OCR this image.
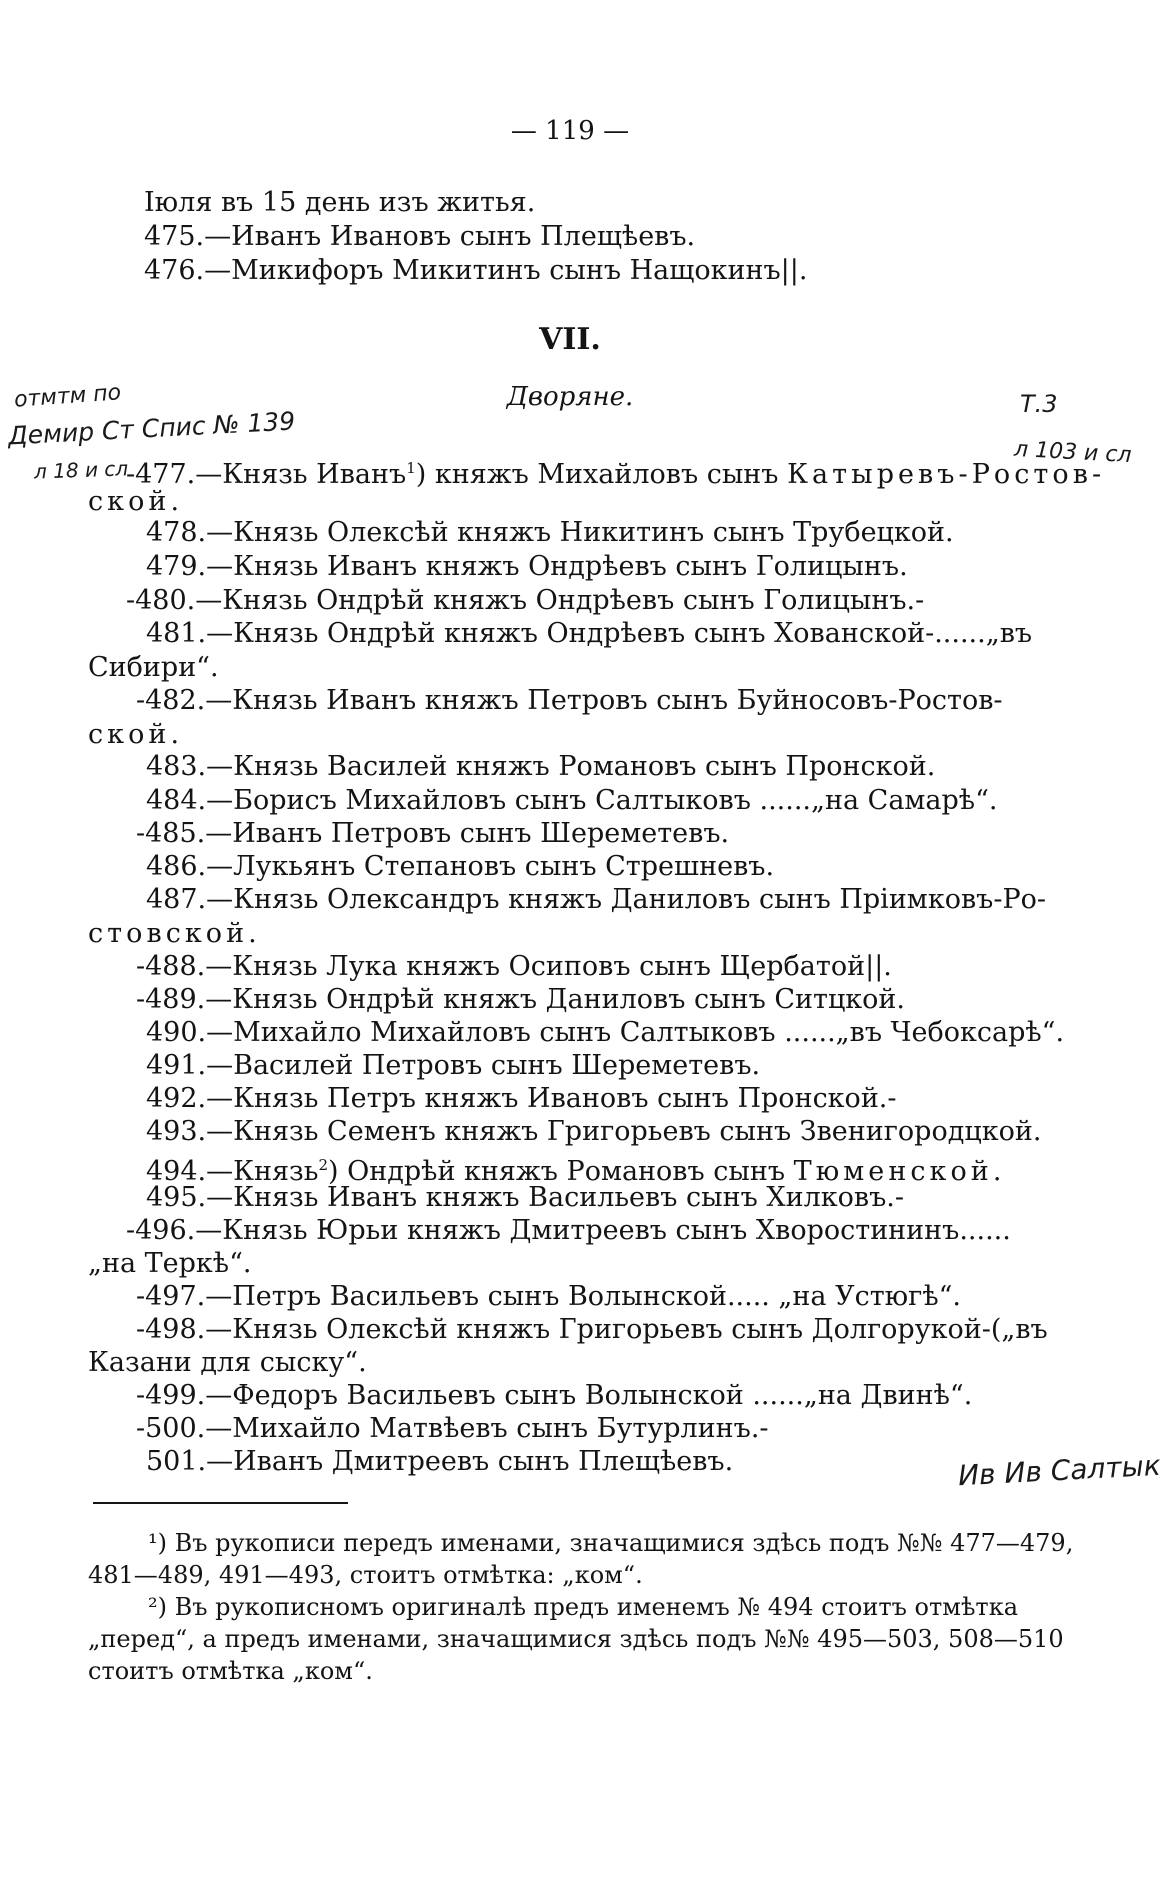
— 119 —
Іюля въ 15 день изъ житья.
475.—Иванъ Ивановъ сынъ Плещѣевъ.
476.—Микифоръ Микитинъ сынъ Нащокинъ||.
VII.
Дворяне.
отмтм по
Демир Ст Спис № 139
л 18 и сл
Т.3
л 103 и сл
Ив Ив Салтык
-477.—Князь Иванъ$^1$) княжъ Михайловъ сынъ Катыревъ-Ростов-
ской.
478.—Князь Олексѣй княжъ Никитинъ сынъ Трубецкой.
479.—Князь Иванъ княжъ Ондрѣевъ сынъ Голицынъ.
-480.—Князь Ондрѣй княжъ Ондрѣевъ сынъ Голицынъ.-
481.—Князь Ондрѣй княжъ Ондрѣевъ сынъ Хованской-......„въ
Сибири“.
-482.—Князь Иванъ княжъ Петровъ сынъ Буйносовъ-Ростов-
ской.
483.—Князь Василей княжъ Романовъ сынъ Пронской.
484.—Борисъ Михайловъ сынъ Салтыковъ ......„на Самарѣ“.
-485.—Иванъ Петровъ сынъ Шереметевъ.
486.—Лукьянъ Степановъ сынъ Стрешневъ.
487.—Князь Олександръ княжъ Даниловъ сынъ Пріимковъ-Ро-
стовской.
-488.—Князь Лука княжъ Осиповъ сынъ Щербатой||.
-489.—Князь Ондрѣй княжъ Даниловъ сынъ Ситцкой.
490.—Михайло Михайловъ сынъ Салтыковъ ......„въ Чебоксарѣ“.
491.—Василей Петровъ сынъ Шереметевъ.
492.—Князь Петръ княжъ Ивановъ сынъ Пронской.-
493.—Князь Семенъ княжъ Григорьевъ сынъ Звенигородцкой.
494.—Князь$^2$) Ондрѣй княжъ Романовъ сынъ Тюменской.
495.—Князь Иванъ княжъ Васильевъ сынъ Хилковъ.-
-496.—Князь Юрьи княжъ Дмитреевъ сынъ Хворостининъ......
„на Теркѣ“.
-497.—Петръ Васильевъ сынъ Волынской..... „на Устюгѣ“.
-498.—Князь Олексѣй княжъ Григорьевъ сынъ Долгорукой-(„въ
Казани для сыску“.
-499.—Федоръ Васильевъ сынъ Волынской ......„на Двинѣ“.
-500.—Михайло Матвѣевъ сынъ Бутурлинъ.-
501.—Иванъ Дмитреевъ сынъ Плещѣевъ.
¹) Въ рукописи передъ именами, значащимися здѣсь подъ №№ 477—479,
481—489, 491—493, стоитъ отмѣтка: „ком“.
²) Въ рукописномъ оригиналѣ предъ именемъ № 494 стоитъ отмѣтка
„перед“, а предъ именами, значащимися здѣсь подъ №№ 495—503, 508—510
стоитъ отмѣтка „ком“.
